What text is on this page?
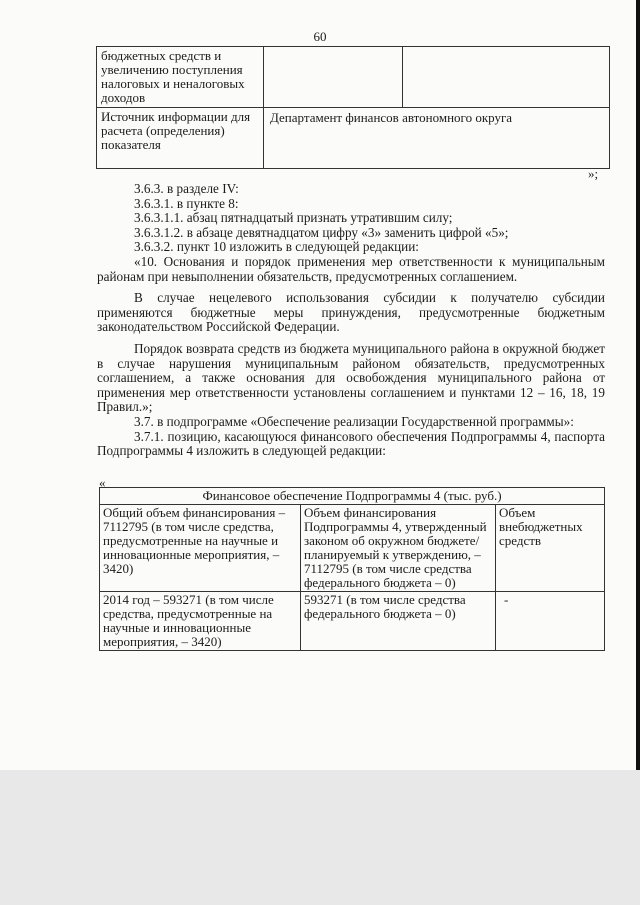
60
бюджетных средств и увеличению поступления налоговых и неналоговых доходов		
Источник информации для расчета (определения) показателя	Департамент финансов автономного округа	
»;

3.6.3. в разделе IV:

3.6.3.1. в пункте 8:

3.6.3.1.1. абзац пятнадцатый признать утратившим силу;

3.6.3.1.2. в абзаце девятнадцатом цифру «3» заменить цифрой «5»;

3.6.3.2. пункт 10 изложить в следующей редакции:

«10. Основания и порядок применения мер ответственности к муниципальным районам при невыполнении обязательств, предусмотренных соглашением.

В случае нецелевого использования субсидии к получателю субсидии применяются бюджетные меры принуждения, предусмотренные бюджетным законодательством Российской Федерации.

Порядок возврата средств из бюджета муниципального района в окружной бюджет в случае нарушения муниципальным районом обязательств, предусмотренных соглашением, а также основания для освобождения муниципального района от применения мер ответственности установлены соглашением и пунктами 12 – 16, 18, 19 Правил.»;

3.7. в подпрограмме «Обеспечение реализации Государственной программы»:

3.7.1. позицию, касающуюся финансового обеспечения Подпрограммы 4, паспорта Подпрограммы 4 изложить в следующей редакции:

«
Финансовое обеспечение Подпрограммы 4 (тыс. руб.)		
Общий объем финансирования – 7112795 (в том числе средства, предусмотренные на научные и инновационные мероприятия, – 3420)	Объем финансирования Подпрограммы 4, утвержденный законом об окружном бюджете/ планируемый к утверждению, – 7112795 (в том числе средства федерального бюджета – 0)	Объем внебюджетных средств
2014 год – 593271 (в том числе средства, предусмотренные на научные и инновационные мероприятия, – 3420)	593271 (в том числе средства федерального бюджета – 0)	-
